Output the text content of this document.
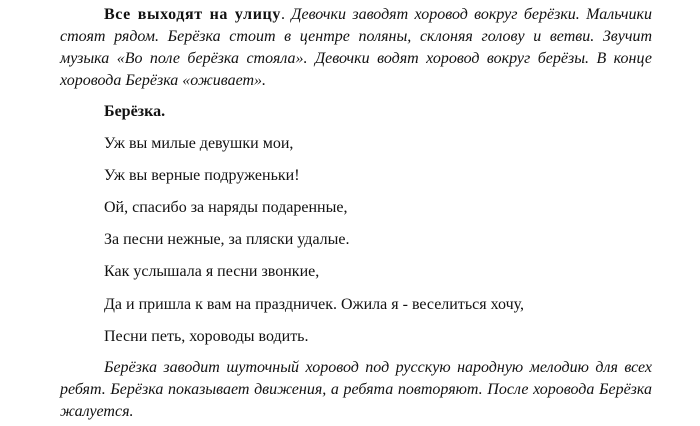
Все выходят на улицу. Девочки заводят хоровод вокруг берёзки. Мальчики стоят рядом. Берёзка стоит в центре поляны, склоняя голову и ветви. Звучит музыка «Во поле берёзка стояла». Девочки водят хоровод вокруг берёзы. В конце хоровода Берёзка «оживает».

Берёзка.

Уж вы милые девушки мои,

Уж вы верные подруженьки!

Ой, спасибо за наряды подаренные,

За песни нежные, за пляски удалые.

Как услышала я песни звонкие,

Да и пришла к вам на праздничек. Ожила я - веселиться хочу,

Песни петь, хороводы водить.

Берёзка заводит шуточный хоровод под русскую народную мелодию для всех ребят. Берёзка показывает движения, а ребята повторяют. После хоровода Берёзка жалуется.
